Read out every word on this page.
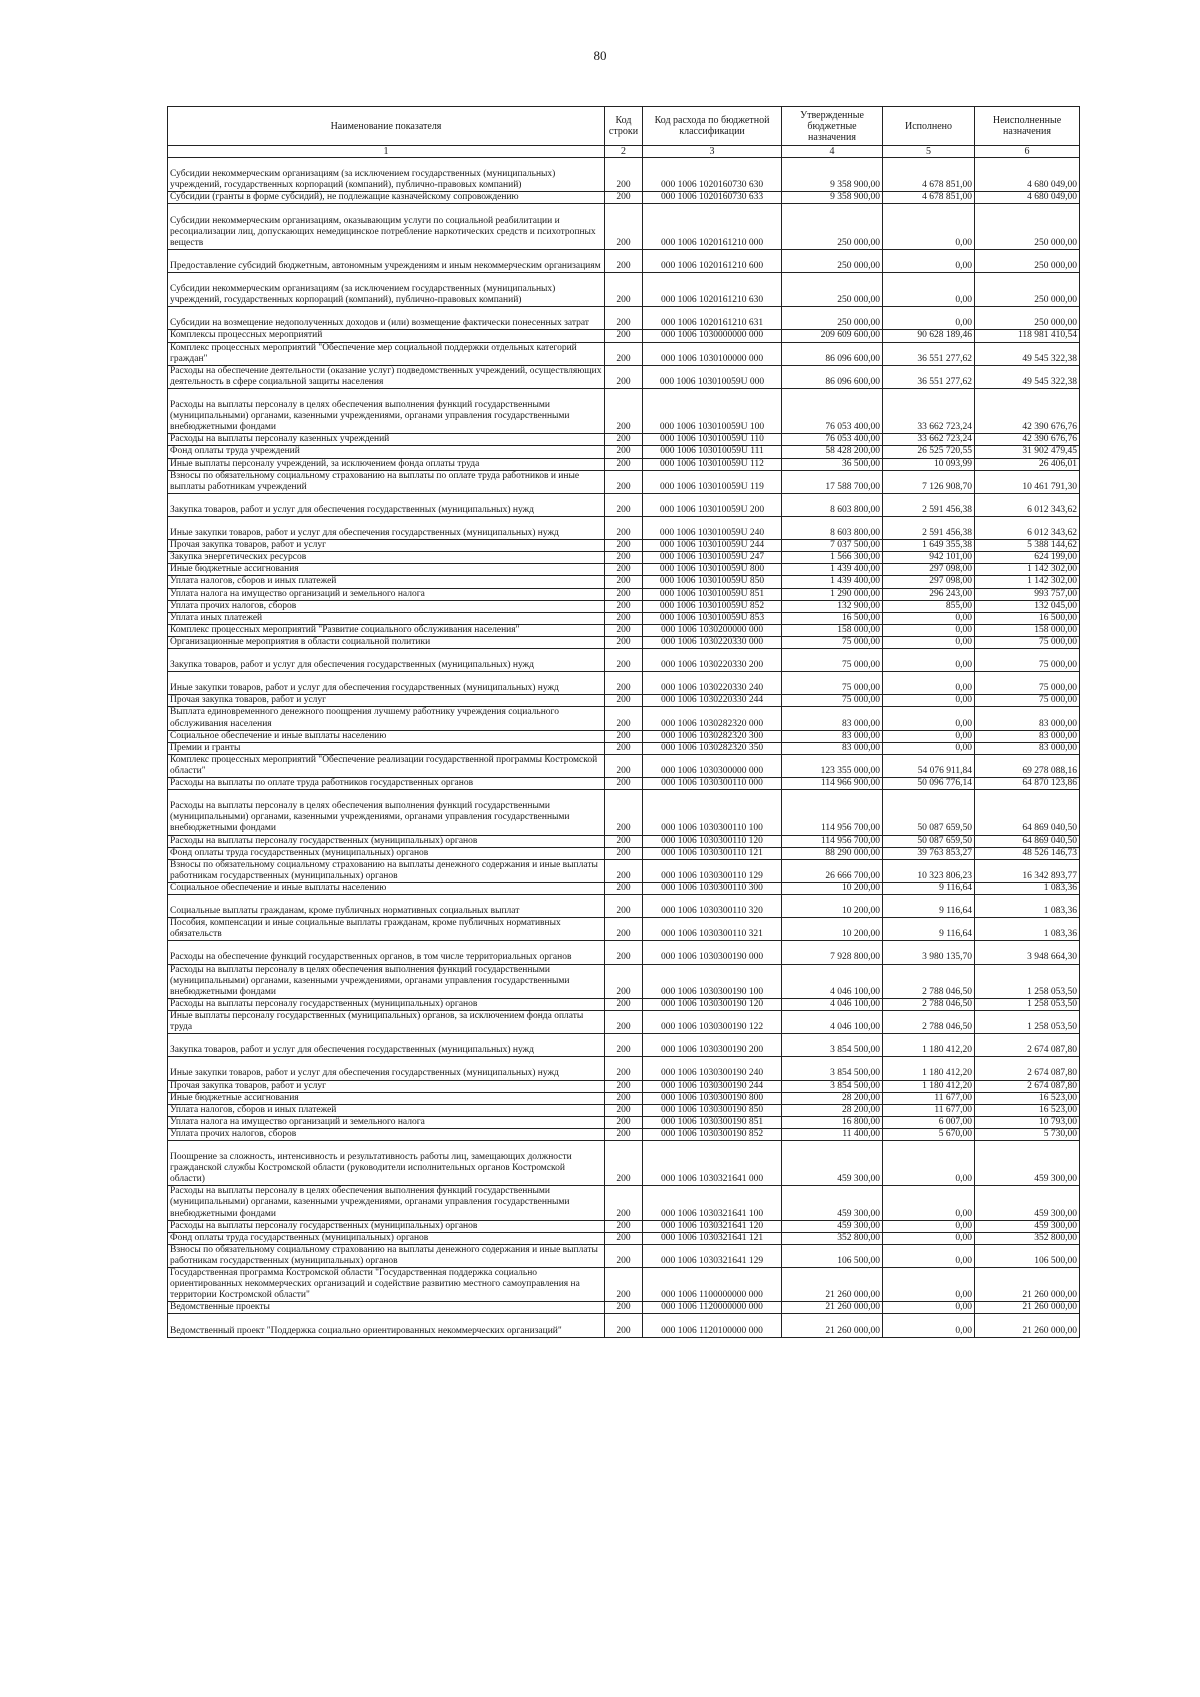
80
Наименование показателя	Код строки	Код расхода по бюджетной классификации	Утвержденные бюджетные назначения	Исполнено	Неисполненные назначения
1	2	3	4	5	6
Субсидии некоммерческим организациям (за исключением государственных (муниципальных) учреждений, государственных корпораций (компаний), публично-правовых компаний)	200	000 1006 1020160730 630	9 358 900,00	4 678 851,00	4 680 049,00
Субсидии (гранты в форме субсидий), не подлежащие казначейскому сопровождению	200	000 1006 1020160730 633	9 358 900,00	4 678 851,00	4 680 049,00
Субсидии некоммерческим организациям, оказывающим услуги по социальной реабилитации и ресоциализации лиц, допускающих немедицинское потребление наркотических средств и психотропных веществ	200	000 1006 1020161210 000	250 000,00	0,00	250 000,00
Предоставление субсидий бюджетным, автономным учреждениям и иным некоммерческим организациям	200	000 1006 1020161210 600	250 000,00	0,00	250 000,00
Субсидии некоммерческим организациям (за исключением государственных (муниципальных) учреждений, государственных корпораций (компаний), публично-правовых компаний)	200	000 1006 1020161210 630	250 000,00	0,00	250 000,00
Субсидии на возмещение недополученных доходов и (или) возмещение фактически понесенных затрат	200	000 1006 1020161210 631	250 000,00	0,00	250 000,00
Комплексы процессных мероприятий	200	000 1006 1030000000 000	209 609 600,00	90 628 189,46	118 981 410,54
Комплекс процессных мероприятий "Обеспечение мер социальной поддержки отдельных категорий граждан"	200	000 1006 1030100000 000	86 096 600,00	36 551 277,62	49 545 322,38
Расходы на обеспечение деятельности (оказание услуг) подведомственных учреждений, осуществляющих деятельность в сфере социальной защиты населения	200	000 1006 103010059U 000	86 096 600,00	36 551 277,62	49 545 322,38
Расходы на выплаты персоналу в целях обеспечения выполнения функций государственными (муниципальными) органами, казенными учреждениями, органами управления государственными внебюджетными фондами	200	000 1006 103010059U 100	76 053 400,00	33 662 723,24	42 390 676,76
Расходы на выплаты персоналу казенных учреждений	200	000 1006 103010059U 110	76 053 400,00	33 662 723,24	42 390 676,76
Фонд оплаты труда учреждений	200	000 1006 103010059U 111	58 428 200,00	26 525 720,55	31 902 479,45
Иные выплаты персоналу учреждений, за исключением фонда оплаты труда	200	000 1006 103010059U 112	36 500,00	10 093,99	26 406,01
Взносы по обязательному социальному страхованию на выплаты по оплате труда работников и иные выплаты работникам учреждений	200	000 1006 103010059U 119	17 588 700,00	7 126 908,70	10 461 791,30
Закупка товаров, работ и услуг для обеспечения государственных (муниципальных) нужд	200	000 1006 103010059U 200	8 603 800,00	2 591 456,38	6 012 343,62
Иные закупки товаров, работ и услуг для обеспечения государственных (муниципальных) нужд	200	000 1006 103010059U 240	8 603 800,00	2 591 456,38	6 012 343,62
Прочая закупка товаров, работ и услуг	200	000 1006 103010059U 244	7 037 500,00	1 649 355,38	5 388 144,62
Закупка энергетических ресурсов	200	000 1006 103010059U 247	1 566 300,00	942 101,00	624 199,00
Иные бюджетные ассигнования	200	000 1006 103010059U 800	1 439 400,00	297 098,00	1 142 302,00
Уплата налогов, сборов и иных платежей	200	000 1006 103010059U 850	1 439 400,00	297 098,00	1 142 302,00
Уплата налога на имущество организаций и земельного налога	200	000 1006 103010059U 851	1 290 000,00	296 243,00	993 757,00
Уплата прочих налогов, сборов	200	000 1006 103010059U 852	132 900,00	855,00	132 045,00
Уплата иных платежей	200	000 1006 103010059U 853	16 500,00	0,00	16 500,00
Комплекс процессных мероприятий "Развитие социального обслуживания населения"	200	000 1006 1030200000 000	158 000,00	0,00	158 000,00
Организационные мероприятия в области социальной политики	200	000 1006 1030220330 000	75 000,00	0,00	75 000,00
Закупка товаров, работ и услуг для обеспечения государственных (муниципальных) нужд	200	000 1006 1030220330 200	75 000,00	0,00	75 000,00
Иные закупки товаров, работ и услуг для обеспечения государственных (муниципальных) нужд	200	000 1006 1030220330 240	75 000,00	0,00	75 000,00
Прочая закупка товаров, работ и услуг	200	000 1006 1030220330 244	75 000,00	0,00	75 000,00
Выплата единовременного денежного поощрения лучшему работнику учреждения социального обслуживания населения	200	000 1006 1030282320 000	83 000,00	0,00	83 000,00
Социальное обеспечение и иные выплаты населению	200	000 1006 1030282320 300	83 000,00	0,00	83 000,00
Премии и гранты	200	000 1006 1030282320 350	83 000,00	0,00	83 000,00
Комплекс процессных мероприятий "Обеспечение реализации государственной программы Костромской области"	200	000 1006 1030300000 000	123 355 000,00	54 076 911,84	69 278 088,16
Расходы на выплаты по оплате труда работников государственных органов	200	000 1006 1030300110 000	114 966 900,00	50 096 776,14	64 870 123,86
Расходы на выплаты персоналу в целях обеспечения выполнения функций государственными (муниципальными) органами, казенными учреждениями, органами управления государственными внебюджетными фондами	200	000 1006 1030300110 100	114 956 700,00	50 087 659,50	64 869 040,50
Расходы на выплаты персоналу государственных (муниципальных) органов	200	000 1006 1030300110 120	114 956 700,00	50 087 659,50	64 869 040,50
Фонд оплаты труда государственных (муниципальных) органов	200	000 1006 1030300110 121	88 290 000,00	39 763 853,27	48 526 146,73
Взносы по обязательному социальному страхованию на выплаты денежного содержания и иные выплаты работникам государственных (муниципальных) органов	200	000 1006 1030300110 129	26 666 700,00	10 323 806,23	16 342 893,77
Социальное обеспечение и иные выплаты населению	200	000 1006 1030300110 300	10 200,00	9 116,64	1 083,36
Социальные выплаты гражданам, кроме публичных нормативных социальных выплат	200	000 1006 1030300110 320	10 200,00	9 116,64	1 083,36
Пособия, компенсации и иные социальные выплаты гражданам, кроме публичных нормативных обязательств	200	000 1006 1030300110 321	10 200,00	9 116,64	1 083,36
Расходы на обеспечение функций государственных органов, в том числе территориальных органов	200	000 1006 1030300190 000	7 928 800,00	3 980 135,70	3 948 664,30
Расходы на выплаты персоналу в целях обеспечения выполнения функций государственными (муниципальными) органами, казенными учреждениями, органами управления государственными внебюджетными фондами	200	000 1006 1030300190 100	4 046 100,00	2 788 046,50	1 258 053,50
Расходы на выплаты персоналу государственных (муниципальных) органов	200	000 1006 1030300190 120	4 046 100,00	2 788 046,50	1 258 053,50
Иные выплаты персоналу государственных (муниципальных) органов, за исключением фонда оплаты труда	200	000 1006 1030300190 122	4 046 100,00	2 788 046,50	1 258 053,50
Закупка товаров, работ и услуг для обеспечения государственных (муниципальных) нужд	200	000 1006 1030300190 200	3 854 500,00	1 180 412,20	2 674 087,80
Иные закупки товаров, работ и услуг для обеспечения государственных (муниципальных) нужд	200	000 1006 1030300190 240	3 854 500,00	1 180 412,20	2 674 087,80
Прочая закупка товаров, работ и услуг	200	000 1006 1030300190 244	3 854 500,00	1 180 412,20	2 674 087,80
Иные бюджетные ассигнования	200	000 1006 1030300190 800	28 200,00	11 677,00	16 523,00
Уплата налогов, сборов и иных платежей	200	000 1006 1030300190 850	28 200,00	11 677,00	16 523,00
Уплата налога на имущество организаций и земельного налога	200	000 1006 1030300190 851	16 800,00	6 007,00	10 793,00
Уплата прочих налогов, сборов	200	000 1006 1030300190 852	11 400,00	5 670,00	5 730,00
Поощрение за сложность, интенсивность и результативность работы лиц, замещающих должности гражданской службы Костромской области (руководители исполнительных органов Костромской области)	200	000 1006 1030321641 000	459 300,00	0,00	459 300,00
Расходы на выплаты персоналу в целях обеспечения выполнения функций государственными (муниципальными) органами, казенными учреждениями, органами управления государственными внебюджетными фондами	200	000 1006 1030321641 100	459 300,00	0,00	459 300,00
Расходы на выплаты персоналу государственных (муниципальных) органов	200	000 1006 1030321641 120	459 300,00	0,00	459 300,00
Фонд оплаты труда государственных (муниципальных) органов	200	000 1006 1030321641 121	352 800,00	0,00	352 800,00
Взносы по обязательному социальному страхованию на выплаты денежного содержания и иные выплаты работникам государственных (муниципальных) органов	200	000 1006 1030321641 129	106 500,00	0,00	106 500,00
Государственная программа Костромской области "Государственная поддержка социально ориентированных некоммерческих организаций и содействие развитию местного самоуправления на территории Костромской области"	200	000 1006 1100000000 000	21 260 000,00	0,00	21 260 000,00
Ведомственные проекты	200	000 1006 1120000000 000	21 260 000,00	0,00	21 260 000,00
Ведомственный проект "Поддержка социально ориентированных некоммерческих организаций"	200	000 1006 1120100000 000	21 260 000,00	0,00	21 260 000,00
